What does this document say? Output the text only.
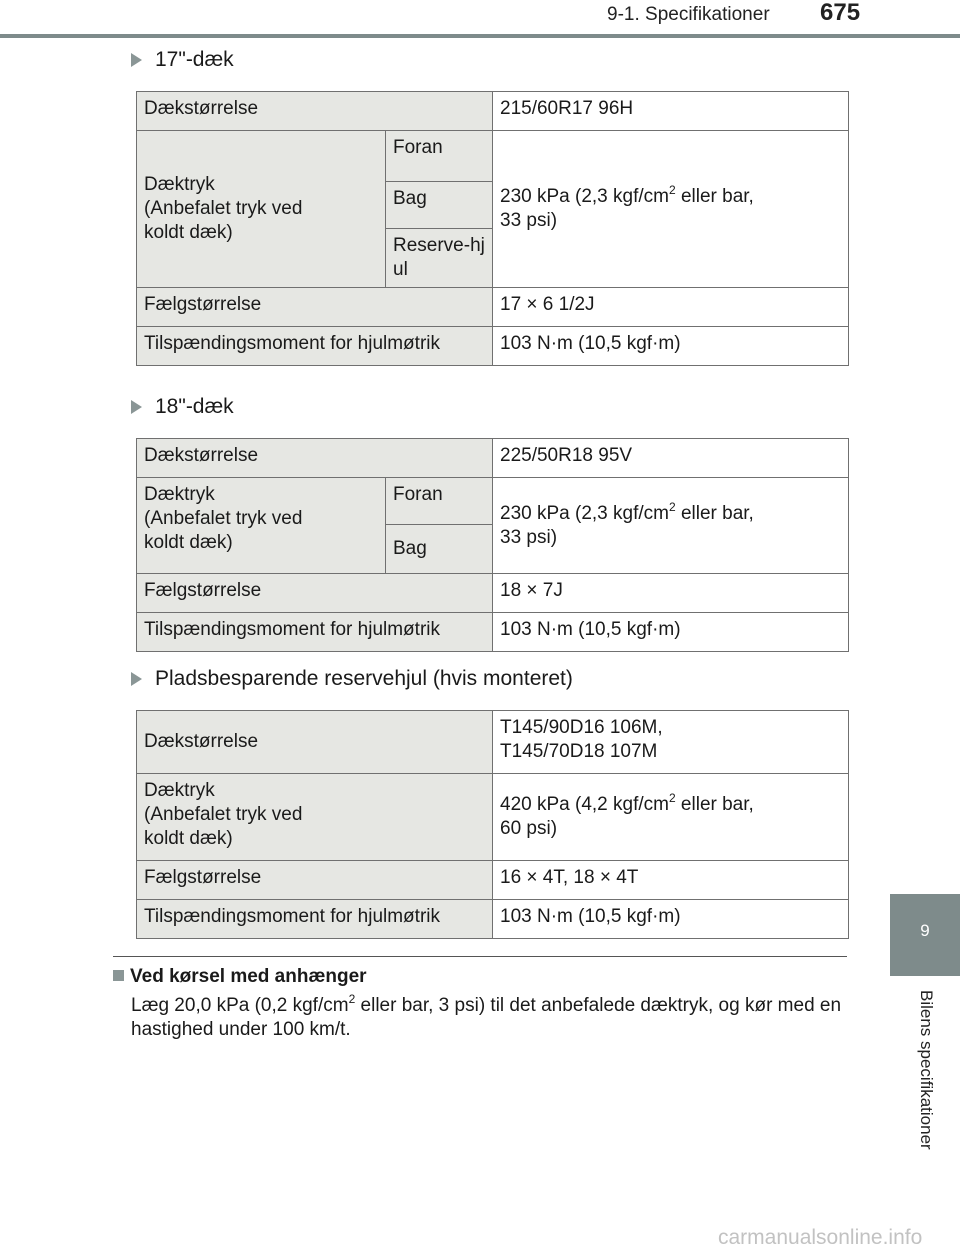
9-1. Specifikationer 675
9
Bilens specifikationer
17"-dæk
Dækstørrelse		215/60R17 96H
Dæktryk
(Anbefalet tryk ved
koldt dæk)	Foran	230 kPa (2,3 kgf/$cm^2$ eller bar,
33 psi)
	Bag	
	Reserve-hjul	
Fælgstørrelse		17 × 6 1/2J
Tilspændingsmoment for hjulmøtrik		103 N·m (10,5 kgf·m)
18"-dæk
Dækstørrelse		225/50R18 95V
Dæktryk
(Anbefalet tryk ved
koldt dæk)	Foran	230 kPa (2,3 kgf/$cm^2$ eller bar,
33 psi)
	Bag	
Fælgstørrelse		18 × 7J
Tilspændingsmoment for hjulmøtrik		103 N·m (10,5 kgf·m)
Pladsbesparende reservehjul (hvis monteret)
Dækstørrelse	T145/90D16 106M,
T145/70D18 107M
Dæktryk
(Anbefalet tryk ved
koldt dæk)	420 kPa (4,2 kgf/$cm^2$ eller bar,
60 psi)
Fælgstørrelse	16 × 4T, 18 × 4T
Tilspændingsmoment for hjulmøtrik	103 N·m (10,5 kgf·m)
Ved kørsel med anhænger
Læg 20,0 kPa (0,2 kgf/$cm^2$ eller bar, 3 psi) til det anbefalede dæktryk, og kør med en hastighed under 100 km/t.
carmanualsonline.info
